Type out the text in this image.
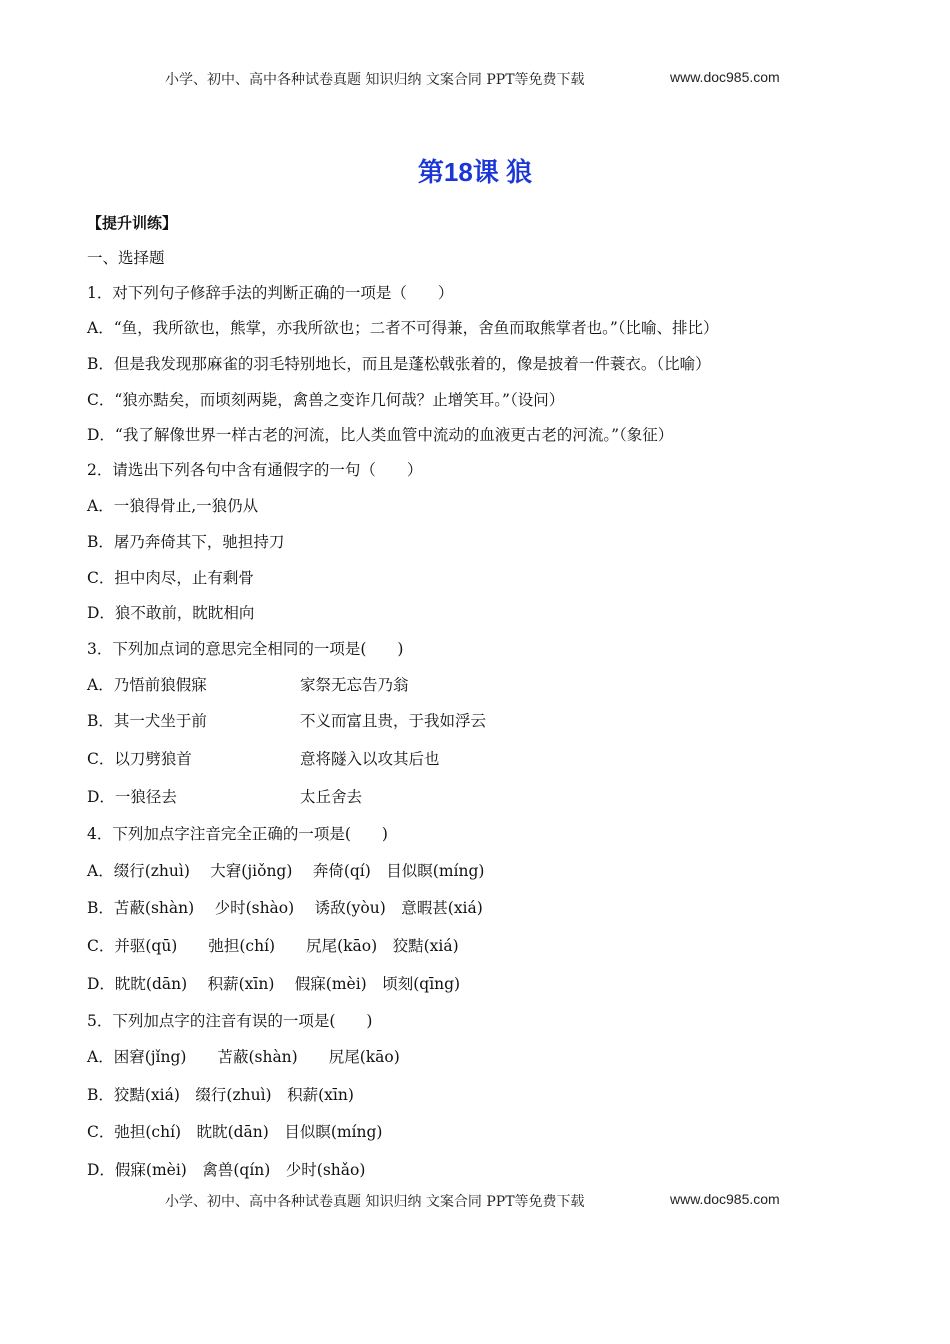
小学、初中、高中各种试卷真题 知识归纳 文案合同 PPT等免费下载	www.doc985.com
第18课 狼
【提升训练】
一、选择题
1．对下列句子修辞手法的判断正确的一项是（　　）
A．“鱼，我所欲也，熊掌，亦我所欲也；二者不可得兼，舍鱼而取熊掌者也。”（比喻、排比）
B．但是我发现那麻雀的羽毛特别地长，而且是蓬松戟张着的，像是披着一件蓑衣。（比喻）
C．“狼亦黠矣，而顷刻两毙，禽兽之变诈几何哉？止增笑耳。”（设问）
D．“我了解像世界一样古老的河流，比人类血管中流动的血液更古老的河流。”（象征）
2．请选出下列各句中含有通假字的一句（　　）
A．一狼得骨止,一狼仍从
B．屠乃奔倚其下，驰担持刀
C．担中肉尽，止有剩骨
D．狼不敢前，眈眈相向
3．下列加点词的意思完全相同的一项是(　　)
A．乃悟前狼假寐	家祭无忘告乃翁
B．其一犬坐于前	不义而富且贵，于我如浮云
C．以刀劈狼首	意将隧入以攻其后也
D．一狼径去	太丘舍去
4．下列加点字注音完全正确的一项是(　　)
A．缀行(zhuì)　 大窘(jiǒng)　 奔倚(qí)　目似瞑(míng)
B．苫蔽(shàn)　 少时(shào)　 诱敌(yòu)　意暇甚(xiá)
C．并驱(qū)　　弛担(chí)　　尻尾(kāo)　狡黠(xiá)
D．眈眈(dān)　 积薪(xīn)　 假寐(mèi)　顷刻(qīng)
5．下列加点字的注音有误的一项是(　　)
A．困窘(jǐng)　　苫蔽(shàn)　　尻尾(kāo)
B．狡黠(xiá)　缀行(zhuì)　积薪(xīn)
C．弛担(chí)　眈眈(dān)　目似瞑(míng)
D．假寐(mèi)　禽兽(qín)　少时(shǎo)
小学、初中、高中各种试卷真题 知识归纳 文案合同 PPT等免费下载	www.doc985.com
